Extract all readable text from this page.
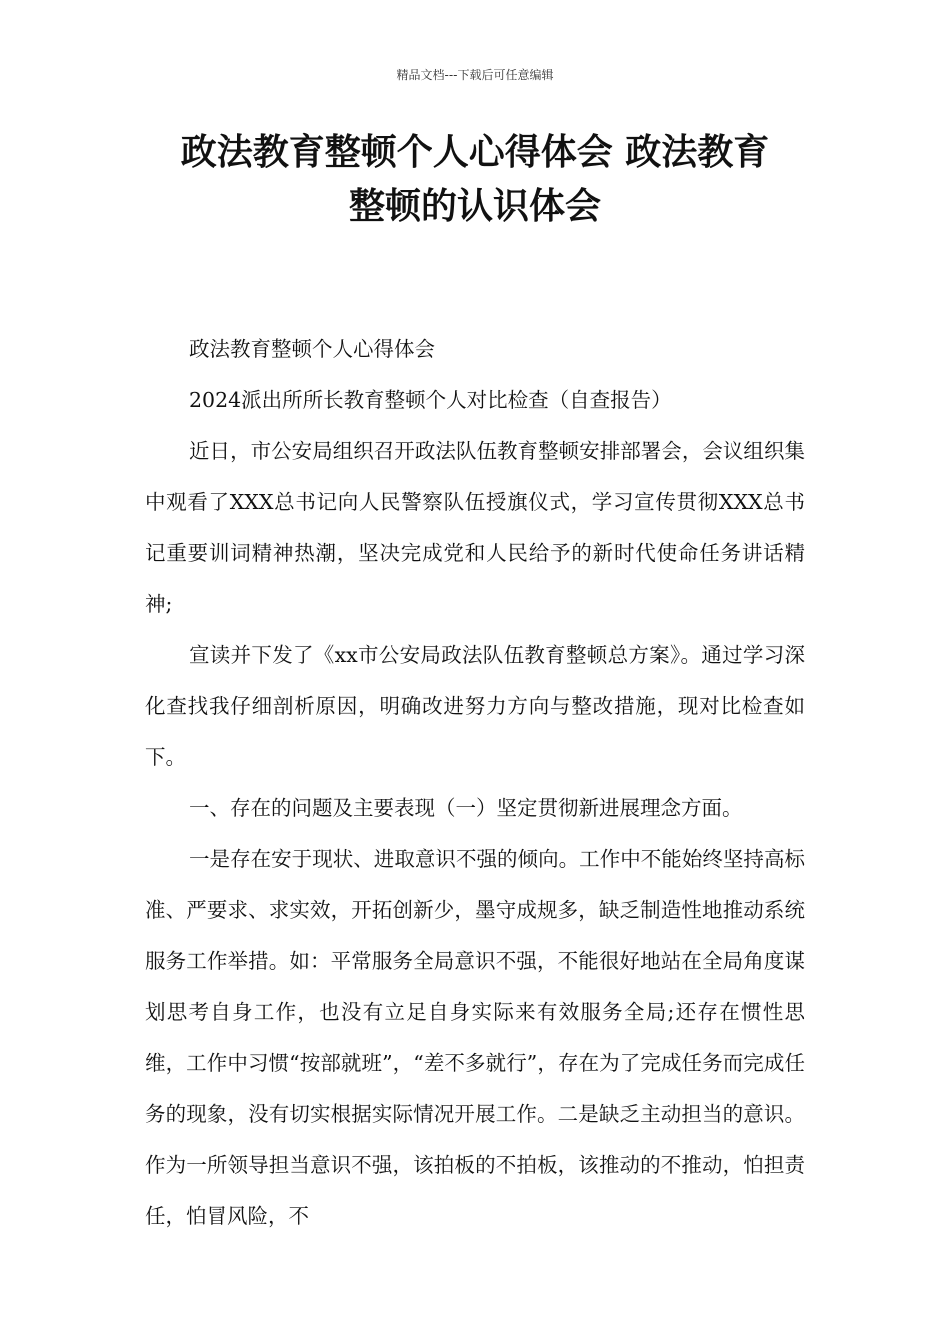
精品文档---下载后可任意编辑
政法教育整顿个人心得体会 政法教育
整顿的认识体会

政法教育整顿个人心得体会

2024派出所所长教育整顿个人对比检查（自查报告）

近日，市公安局组织召开政法队伍教育整顿安排部署会，会议组织集中观看了XXX总书记向人民警察队伍授旗仪式，学习宣传贯彻XXX总书记重要训词精神热潮，坚决完成党和人民给予的新时代使命任务讲话精神;

宣读并下发了《xx市公安局政法队伍教育整顿总方案》。通过学习深化查找我仔细剖析原因，明确改进努力方向与整改措施，现对比检查如下。

一、存在的问题及主要表现（一）坚定贯彻新进展理念方面。

一是存在安于现状、进取意识不强的倾向。工作中不能始终坚持高标准、严要求、求实效，开拓创新少，墨守成规多，缺乏制造性地推动系统服务工作举措。如：平常服务全局意识不强，不能很好地站在全局角度谋划思考自身工作，也没有立足自身实际来有效服务全局;还存在惯性思维，工作中习惯“按部就班”，“差不多就行”，存在为了完成任务而完成任务的现象，没有切实根据实际情况开展工作。二是缺乏主动担当的意识。作为一所领导担当意识不强，该拍板的不拍板，该推动的不推动，怕担责任，怕冒风险，不
